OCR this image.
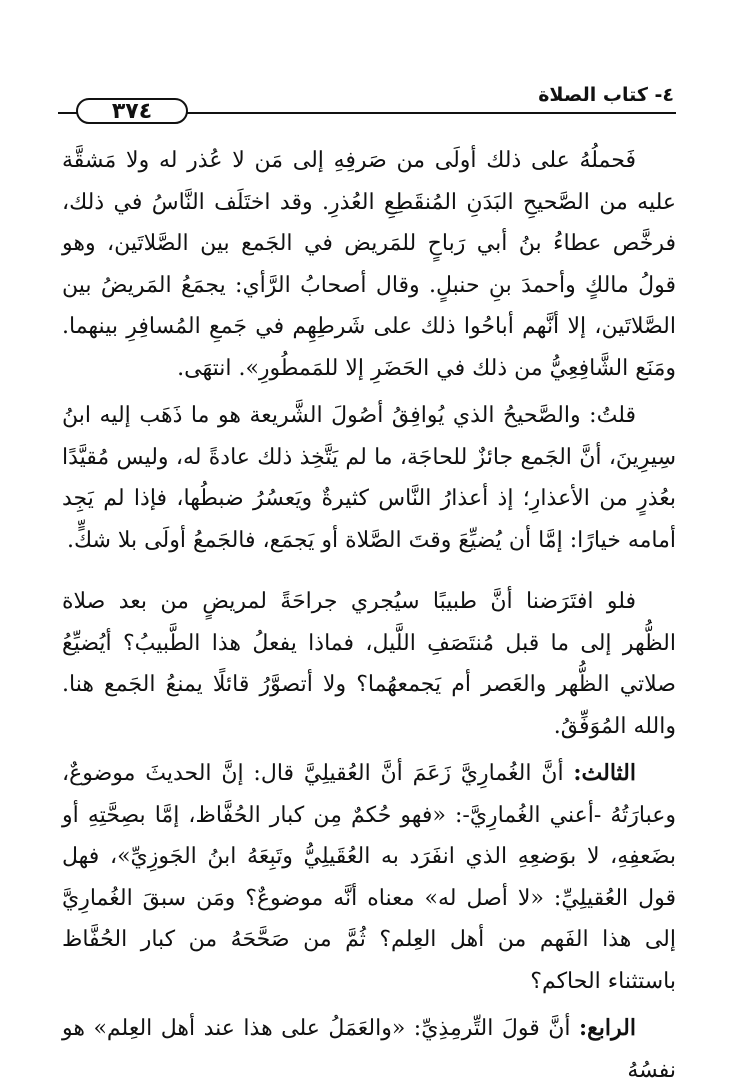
٤- كتاب الصلاة
٣٧٤

فَحملُهُ على ذلك أولَى من صَرفِهِ إلى مَن لا عُذر له ولا مَشقَّة عليه من الصَّحيحِ البَدَنِ المُنقَطِعِ العُذرِ. وقد اختَلَف النَّاسُ في ذلك، فرخَّص عطاءُ بنُ أبي رَباحٍ للمَريض في الجَمع بين الصَّلاتَين، وهو قولُ مالكٍ وأحمدَ بنِ حنبلٍ. وقال أصحابُ الرَّأي: يجمَعُ المَريضُ بين الصَّلاتَين، إلا أنَّهم أباحُوا ذلك على شَرطِهِم في جَمعِ المُسافِرِ بينهما. ومَنَع الشَّافِعِيُّ من ذلك في الحَضَرِ إلا للمَمطُورِ». انتهَى.

قلتُ: والصَّحيحُ الذي يُوافِقُ أصُولَ الشَّريعة هو ما ذَهَب إليه ابنُ سِيرِينَ، أنَّ الجَمع جائزٌ للحاجَة، ما لم يَتَّخِذ ذلك عادةً له، وليس مُقيَّدًا بعُذرٍ من الأعذارِ؛ إذ أعذارُ النَّاس كثيرةٌ ويَعسُرُ ضبطُها، فإذا لم يَجِد أمامه خيارًا: إمَّا أن يُضيِّعَ وقتَ الصَّلاة أو يَجمَع، فالجَمعُ أولَى بلا شكٍّ.

فلو افتَرَضنا أنَّ طبيبًا سيُجري جراحَةً لمريضٍ من بعد صلاة الظُّهر إلى ما قبل مُنتَصَفِ اللَّيل، فماذا يفعلُ هذا الطَّبيبُ؟ أيُضيِّعُ صلاتي الظُّهر والعَصر أم يَجمعهُما؟ ولا أتصوَّرُ قائلًا يمنعُ الجَمع هنا. والله المُوَفِّقُ.

الثالث: أنَّ الغُمارِيَّ زَعَمَ أنَّ العُقيلِيَّ قال: إنَّ الحديثَ موضوعٌ، وعبارَتُهُ -أعني الغُمارِيَّ-: «فهو حُكمٌ مِن كبار الحُفَّاظ، إمَّا بصِحَّتِهِ أو بضَعفِهِ، لا بوَضعِهِ الذي انفَرَد به العُقَيلِيُّ وتَبِعَهُ ابنُ الجَوزِيِّ»، فهل قول العُقيلِيِّ: «لا أصل له» معناه أنَّه موضوعٌ؟ ومَن سبقَ الغُمارِيَّ إلى هذا الفَهم من أهل العِلم؟ ثُمَّ من صَحَّحَهُ من كبار الحُفَّاظ باستثناء الحاكم؟

الرابع: أنَّ قولَ التِّرمِذِيِّ: «والعَمَلُ على هذا عند أهل العِلم» هو نفسُهُ
